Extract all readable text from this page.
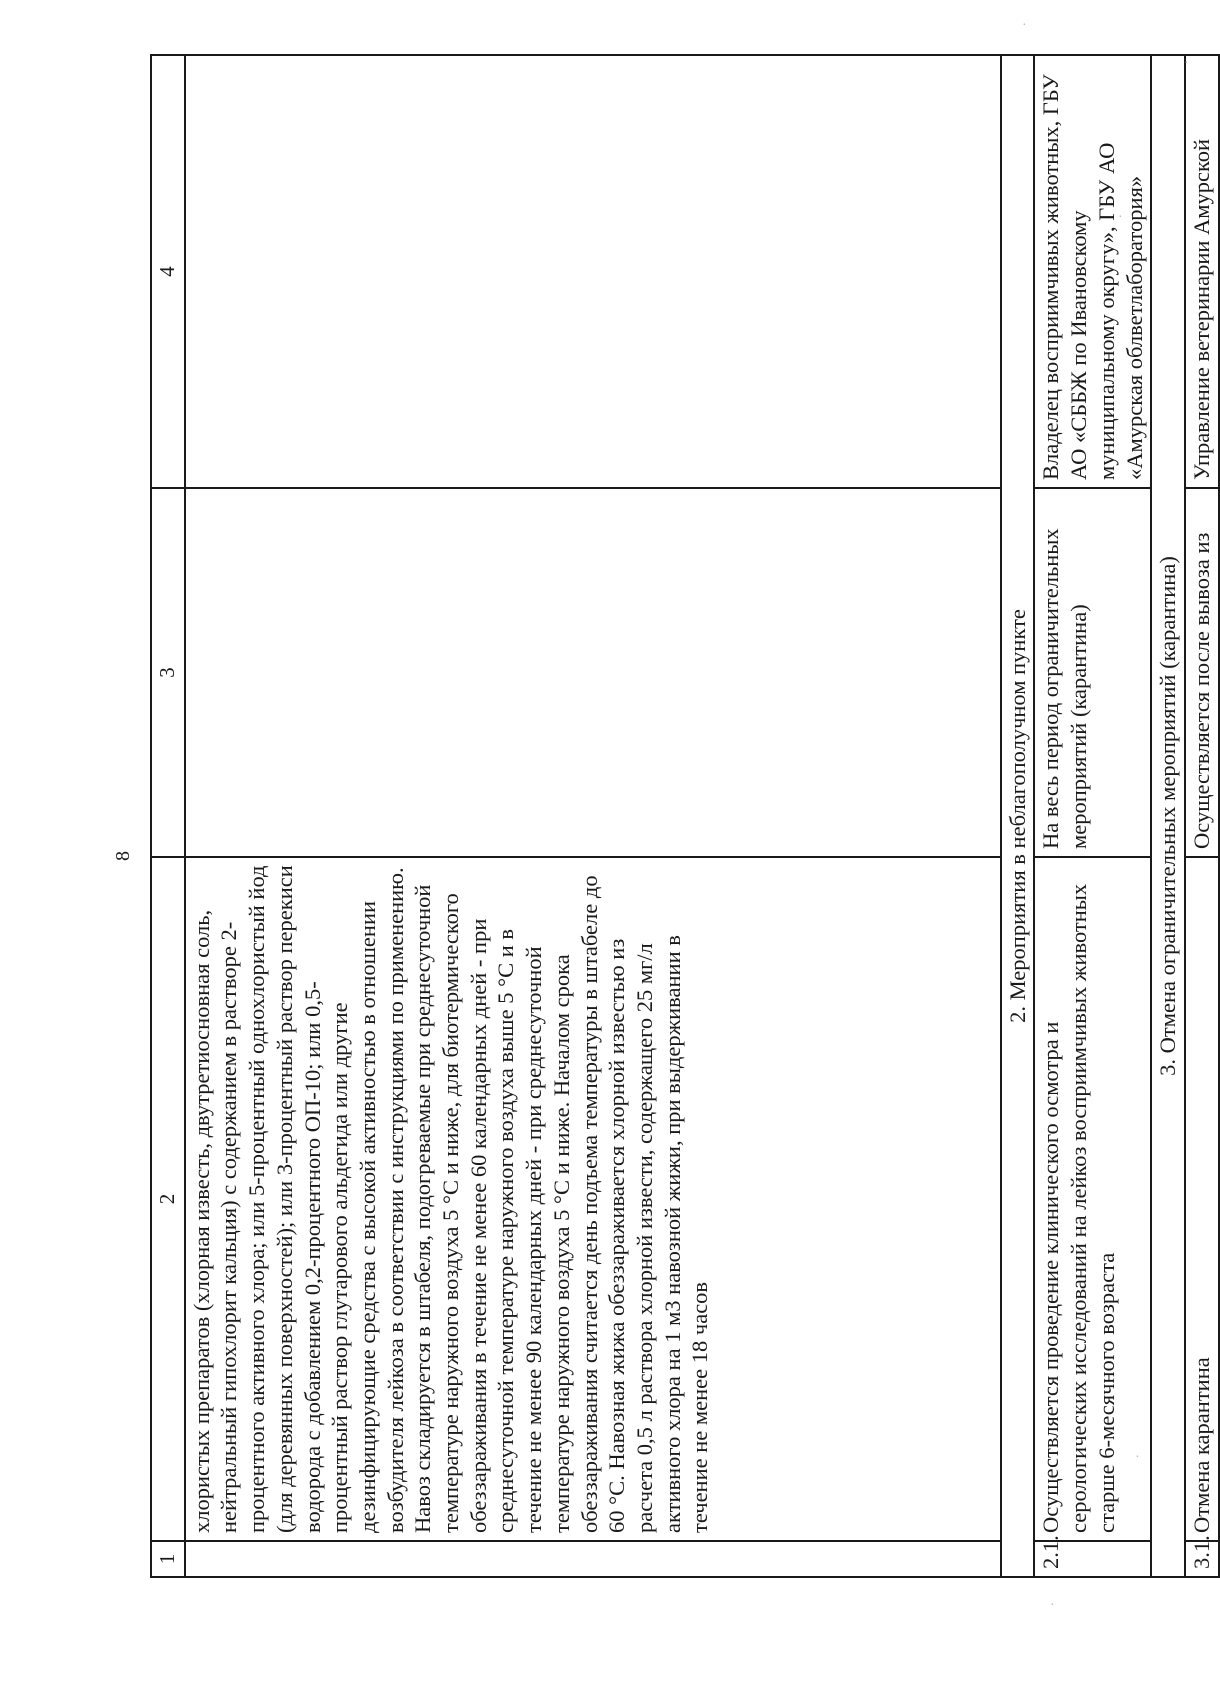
8
1	2	3	4
	хлористых препаратов (хлорная известь, двутретиосновная соль, нейтральный гипохлорит кальция) с содержанием в растворе 2-процентного активного хлора; или 5-процентный однохлористый йод (для деревянных поверхностей); или 3-процентный раствор перекиси водорода с добавлением 0,2-процентного ОП-10; или 0,5-процентный раствор глутарового альдегида или другие дезинфицирующие средства с высокой активностью в отношении возбудителя лейкоза в соответствии с инструкциями по применению. Навоз складируется в штабеля, подогреваемые при среднесуточной температуре наружного воздуха 5 °С и ниже, для биотермического обеззараживания в течение не менее 60 календарных дней - при среднесуточной температуре наружного воздуха выше 5 °С и в течение не менее 90 календарных дней - при среднесуточной температуре наружного воздуха 5 °С и ниже. Началом срока обеззараживания считается день подъема температуры в штабеле до 60 °С. Навозная жижа обеззараживается хлорной известью из расчета 0,5 л раствора хлорной извести, содержащего 25 мг/л активного хлора на 1 м3 навозной жижи, при выдерживании в течение не менее 18 часов		
2. Мероприятия в неблагополучном пункте			
2.1.	Осуществляется проведение клинического осмотра и серологических исследований на лейкоз восприимчивых животных старше 6-месячного возраста	На весь период ограничительных мероприятий (карантина)	Владелец восприимчивых животных, ГБУ АО «СББЖ по Ивановскому муниципальному округу», ГБУ АО «Амурская облветлаборатория»
3. Отмена ограничительных мероприятий (карантина)			
3.1.	Отмена карантина	Осуществляется после вывоза из	Управление ветеринарии Амурской
·
·
·
·
·
